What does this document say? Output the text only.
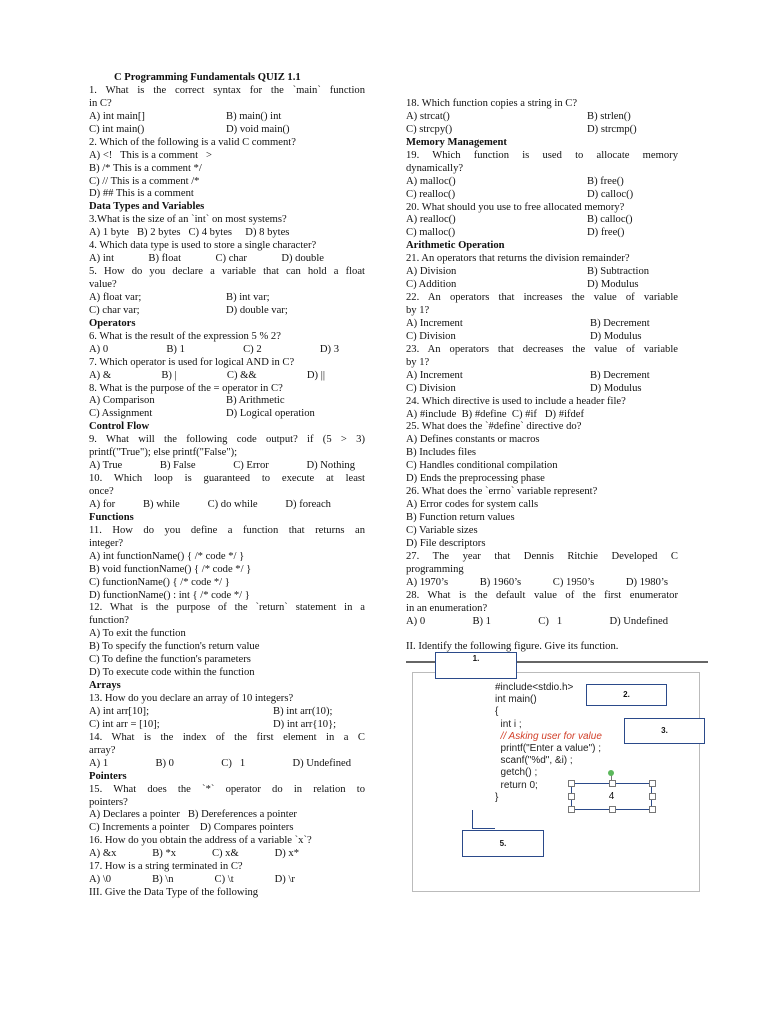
C Programming Fundamentals QUIZ 1.1
1. What is the correct syntax for the `main` function
in C?
A) int main[]	B) main() int
C) int main()	D) void main()
2. Which of the following is a valid C comment?
A) <!   This is a comment   >
B) /* This is a comment */
C) // This is a comment /*
D) ## This is a comment
Data Types and Variables
3.What is the size of an `int` on most systems?
A) 1 byte B) 2 bytes C) 4 bytes D) 8 bytes
4. Which data type is used to store a single character?
A) int	B) float	C) char	D) double
5. How do you declare a variable that can hold a float
value?
A) float var;	B) int var;
C) char var;	D) double var;
Operators
6. What is the result of the expression 5 % 2?
A) 0	B) 1	C) 2	D) 3
7. Which operator is used for logical AND in C?
A) &	B) |	C) &&	D) ||
8. What is the purpose of the = operator in C?
A) Comparison	B) Arithmetic
C) Assignment	D) Logical operation
Control Flow
9. What will the following code output? if (5 > 3)
printf("True"); else printf("False");
A) True	B) False	C) Error	D) Nothing
10. Which loop is guaranteed to execute at least
once?
A) for	B) while	C) do while	D) foreach
Functions
11. How do you define a function that returns an
integer?
A) int functionName() { /* code */ }
B) void functionName() { /* code */ }
C) functionName() { /* code */ }
D) functionName() : int { /* code */ }
12. What is the purpose of the `return` statement in a
function?
A) To exit the function
B) To specify the function's return value
C) To define the function's parameters
D) To execute code within the function
Arrays
13. How do you declare an array of 10 integers?
A) int arr[10];	B) int arr(10);
C) int arr = [10];	D) int arr{10};
14. What is the index of the first element in a C
array?
A) 1	B) 0	C)   1	D) Undefined
Pointers
15. What does the `*` operator do in relation to
pointers?
A) Declares a pointer   B) Dereferences a pointer
C) Increments a pointer    D) Compares pointers
16. How do you obtain the address of a variable `x`?
A) &x	B) *x	C) x&	D) x*
17. How is a string terminated in C?
A) \0	B) \n	C) \t	D) \r
III. Give the Data Type of the following
18. Which function copies a string in C?
A) strcat()	B) strlen()
C) strcpy()	D) strcmp()
Memory Management
19. Which function is used to allocate memory
dynamically?
A) malloc()	B) free()
C) realloc()	D) calloc()
20. What should you use to free allocated memory?
A) realloc()	B) calloc()
C) malloc()	D) free()
Arithmetic Operation
21. An operators that returns the division remainder?
A) Division	B) Subtraction
C) Addition	D) Modulus
22. An operators that increases the value of variable
by 1?
A) Increment	B) Decrement
C) Division	D) Modulus
23. An operators that decreases the value of variable
by 1?
A) Increment	B) Decrement
C) Division	D) Modulus
24. Which directive is used to include a header file?
A) #include  B) #define  C) #if   D) #ifdef
25. What does the `#define` directive do?
A) Defines constants or macros
B) Includes files
C) Handles conditional compilation
D) Ends the preprocessing phase
26. What does the `errno` variable represent?
A) Error codes for system calls
B) Function return values
C) Variable sizes
D) File descriptors
27. The year that Dennis Ritchie Developed C
programming
A) 1970’s	B) 1960’s	C) 1950’s	D) 1980’s
28. What is the default value of the first enumerator
in an enumeration?
A) 0	B) 1	C)   1	D) Undefined
II. Identify the following figure. Give its function.
#include<stdio.h>
int main()
{
int i ;
// Asking user for value
printf("Enter a value") ;
scanf("%d", &i) ;
getch() ;
return 0;
}
1.
2.
3.
4
5.
